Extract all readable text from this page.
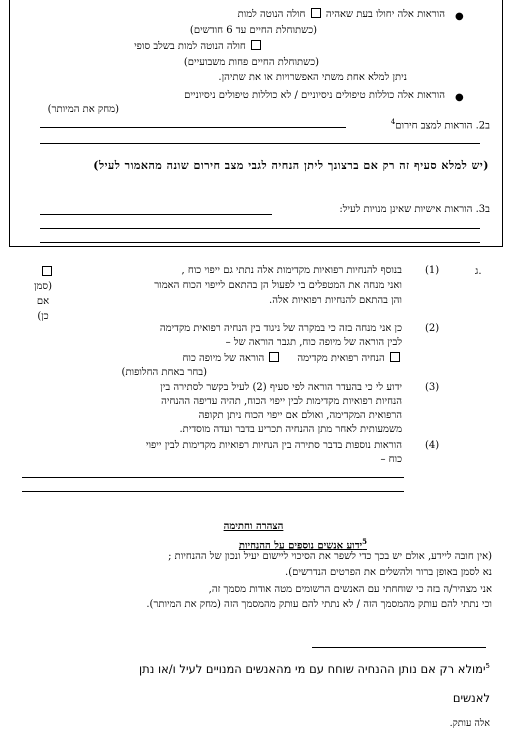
●
הוראות אלה יחולו בעת שאהיה  חולה הנוטה למות
(כשתוחלת החיים עד 6 חודשים)
חולה הנוטה למות בשלב סופי
(כשתוחלת החיים פחות משבועיים)
ניתן למלא אחת משתי האפשרויות או את שתיהן.
●
הוראות אלה כוללות טיפולים ניסיוניים / לא כוללות טיפולים ניסיוניים
(מחק את המיותר)
ב2. הוראות למצב חירום$^4$
(יש למלא סעיף זה רק אם ברצונך ליתן הנחיה לגבי מצב חירום שונה מהאמור לעיל)
ב3. הוראות אישיות שאינן מנויות לעיל:
ג.
(1)
בנוסף להנחיות רפואיות מקדימות אלה נתתי גם ייפוי כוח ,
ואני מנחה את המטפלים בי לפעול הן בהתאם לייפוי הכוח האמור
והן בהתאם להנחיות רפואיות אלה.
(סמן
אם
כן)
(2)
כן אני מנחה בזה כי במקרה של ניגוד בין הנחיה רפואית מקדימה
לבין הוראה של מיופה כוח, תגבר הוראה של –
הנחיה רפואית מקדימה      הוראה של מיופה כוח
(בחר באחת החלופות)
(3)
ידוע לי כי בהעדר הוראה לפי סעיף (2) לעיל בקשר לסתירה בין
הנחיות רפואיות מקדימות לבין ייפוי הכוח, תהיה עדיפה ההנחיה
הרפואית המקדימה, ואולם אם ייפוי הכוח ניתן תקופה
משמעותית לאחר מתן ההנחיה תכריע בדבר ועדה מוסדית.
(4)
הוראות נוספות בדבר סתירה בין הנחיות רפואיות מקדימות לבין ייפוי
כוח –
הצהרה וחתימה
$^5$ידוע אנשים נוספים על ההנחיות
(אין חובה ליידע, אולם יש בכך כדי לשפר את הסיכוי ליישום יעיל ונכון של ההנחיות ;
נא לסמן באופן ברור ולהשלים את הפרטים הנדרשים).
אני מצהיר/ה בזה כי שוחחתי עם האנשים הרשומים מטה אודות מסמך זה,
וכי נתתי להם עותק מהמסמך הזה / לא נתתי להם עותק מהמסמך הזה (מחק את המיותר).
$^5$ימולא רק אם נותן ההנחיה שוחח עם מי מהאנשים המנויים לעיל ו/או נתן
לאנשים
אלה עותק.
